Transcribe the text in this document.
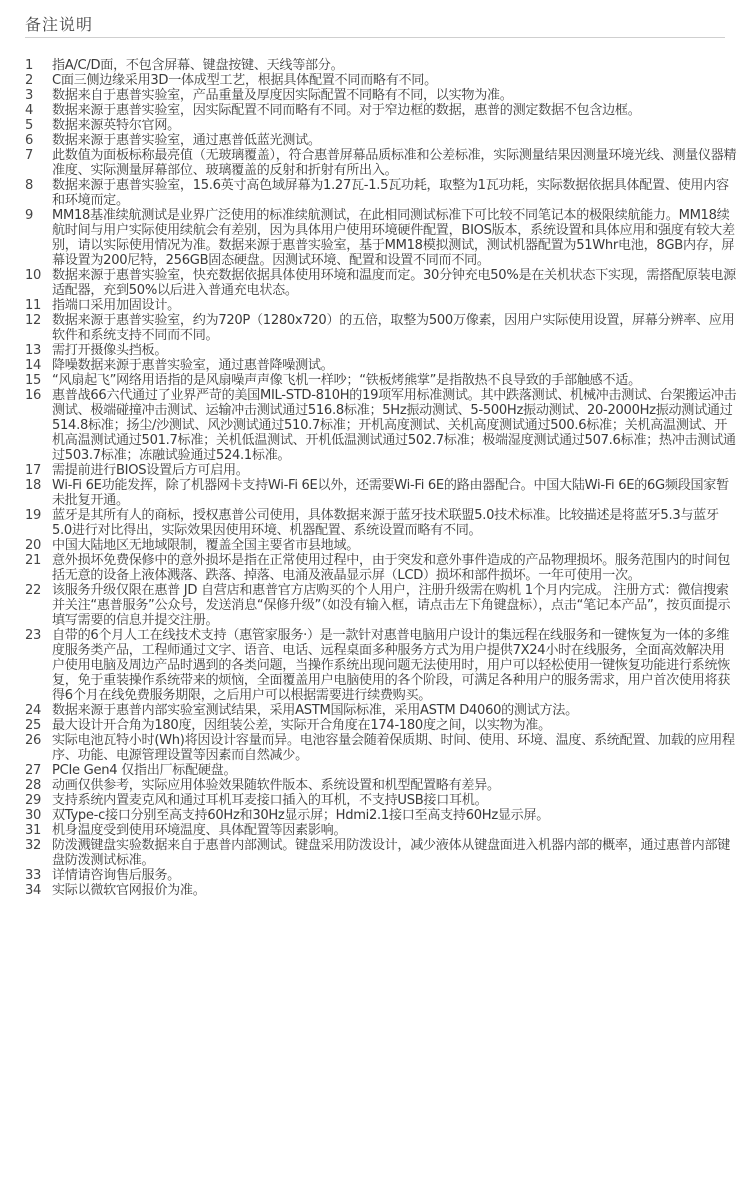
备注说明
1	指A/C/D面，不包含屏幕、键盘按键、天线等部分。
2	C面三侧边缘采用3D一体成型工艺，根据具体配置不同而略有不同。
3	数据来自于惠普实验室，产品重量及厚度因实际配置不同略有不同，以实物为准。
4	数据来源于惠普实验室，因实际配置不同而略有不同。对于窄边框的数据，惠普的测定数据不包含边框。
5	数据来源英特尔官网。
6	数据来源于惠普实验室，通过惠普低蓝光测试。
7	此数值为面板标称最亮值（无玻璃覆盖），符合惠普屏幕品质标准和公差标准，实际测量结果因测量环境光线、测量仪器精准度、实际测量屏幕部位、玻璃覆盖的反射和折射有所出入。
8	数据来源于惠普实验室，15.6英寸高色域屏幕为1.27瓦-1.5瓦功耗，取整为1瓦功耗，实际数据依据具体配置、使用内容和环境而定。
9	MM18基准续航测试是业界广泛使用的标准续航测试，在此相同测试标准下可比较不同笔记本的极限续航能力。MM18续航时间与用户实际使用续航会有差别，因为具体用户使用环境硬件配置，BIOS版本，系统设置和具体应用和强度有较大差别，请以实际使用情况为准。数据来源于惠普实验室，基于MM18模拟测试，测试机器配置为51Whr电池，8GB内存，屏幕设置为200尼特，256GB固态硬盘。因测试环境、配置和设置不同而不同。
10 数据来源于惠普实验室，快充数据依据具体使用环境和温度而定。30分钟充电50%是在关机状态下实现，需搭配原装电源适配器，充到50%以后进入普通充电状态。
11 指端口采用加固设计。
12 数据来源于惠普实验室，约为720P（1280x720）的五倍，取整为500万像素，因用户实际使用设置，屏幕分辨率、应用软件和系统支持不同而不同。
13 需打开摄像头挡板。
14 降噪数据来源于惠普实验室，通过惠普降噪测试。
15 “风扇起飞”网络用语指的是风扇噪声声像飞机一样吵；“铁板烤熊掌”是指散热不良导致的手部触感不适。
16 惠普战66六代通过了业界严苛的美国MIL-STD-810H的19项军用标准测试。其中跌落测试、机械冲击测试、台架搬运冲击测试、极端碰撞冲击测试、运输冲击测试通过516.8标准；5Hz振动测试、5-500Hz振动测试、20-2000Hz振动测试通过514.8标准；扬尘/沙测试、风沙测试通过510.7标准；开机高度测试、关机高度测试通过500.6标准；关机高温测试、开机高温测试通过501.7标准；关机低温测试、开机低温测试通过502.7标准；极端湿度测试通过507.6标准；热冲击测试通过503.7标准；冻融试验通过524.1标准。
17 需提前进行BIOS设置后方可启用。
18 Wi-Fi 6E功能发挥，除了机器网卡支持Wi-Fi 6E以外，还需要Wi-Fi 6E的路由器配合。中国大陆Wi-Fi 6E的6G频段国家暂未批复开通。
19 蓝牙是其所有人的商标，授权惠普公司使用，具体数据来源于蓝牙技术联盟5.0技术标准。比较描述是将蓝牙5.3与蓝牙5.0进行对比得出，实际效果因使用环境、机器配置、系统设置而略有不同。
20 中国大陆地区无地域限制，覆盖全国主要省市县地域。
21 意外损坏免费保修中的意外损坏是指在正常使用过程中，由于突发和意外事件造成的产品物理损坏。服务范围内的时间包括无意的设备上液体溅落、跌落、掉落、电涌及液晶显示屏（LCD）损坏和部件损坏。一年可使用一次。
22 该服务升级仅限在惠普 JD 自营店和惠普官方店购买的个人用户，注册升级需在购机 1个月内完成。 注册方式：微信搜索并关注“惠普服务”公众号，发送消息“保修升级”（如没有输入框，请点击左下角键盘标），点击“笔记本产品”，按页面提示填写需要的信息并提交注册。
23 自带的6个月人工在线技术支持（惠管家服务·）是一款针对惠普电脑用户设计的集远程在线服务和一键恢复为一体的多维度服务类产品，工程师通过文字、语音、电话、远程桌面多种服务方式为用户提供7X24小时在线服务，全面高效解决用户使用电脑及周边产品时遇到的各类问题，当操作系统出现问题无法使用时，用户可以轻松使用一键恢复功能进行系统恢复，免于重装操作系统带来的烦恼，全面覆盖用户电脑使用的各个阶段，可满足各种用户的服务需求，用户首次使用将获得6个月在线免费服务期限，之后用户可以根据需要进行续费购买。
24 数据来源于惠普内部实验室测试结果，采用ASTM国际标准，采用ASTM D4060的测试方法。
25 最大设计开合角为180度，因组装公差，实际开合角度在174-180度之间，以实物为准。
26 实际电池瓦特小时(Wh)将因设计容量而异。电池容量会随着保质期、时间、使用、环境、温度、系统配置、加载的应用程序、功能、电源管理设置等因素而自然减少。
27 PCIe Gen4 仅指出厂标配硬盘。
28 动画仅供参考，实际应用体验效果随软件版本、系统设置和机型配置略有差异。
29 支持系统内置麦克风和通过耳机耳麦接口插入的耳机，不支持USB接口耳机。
30 双Type-c接口分别至高支持60Hz和30Hz显示屏；Hdmi2.1接口至高支持60Hz显示屏。
31 机身温度受到使用环境温度、具体配置等因素影响。
32 防泼溅键盘实验数据来自于惠普内部测试。键盘采用防泼设计，减少液体从键盘面进入机器内部的概率，通过惠普内部键盘防泼测试标准。
33 详情请咨询售后服务。
34 实际以微软官网报价为准。
